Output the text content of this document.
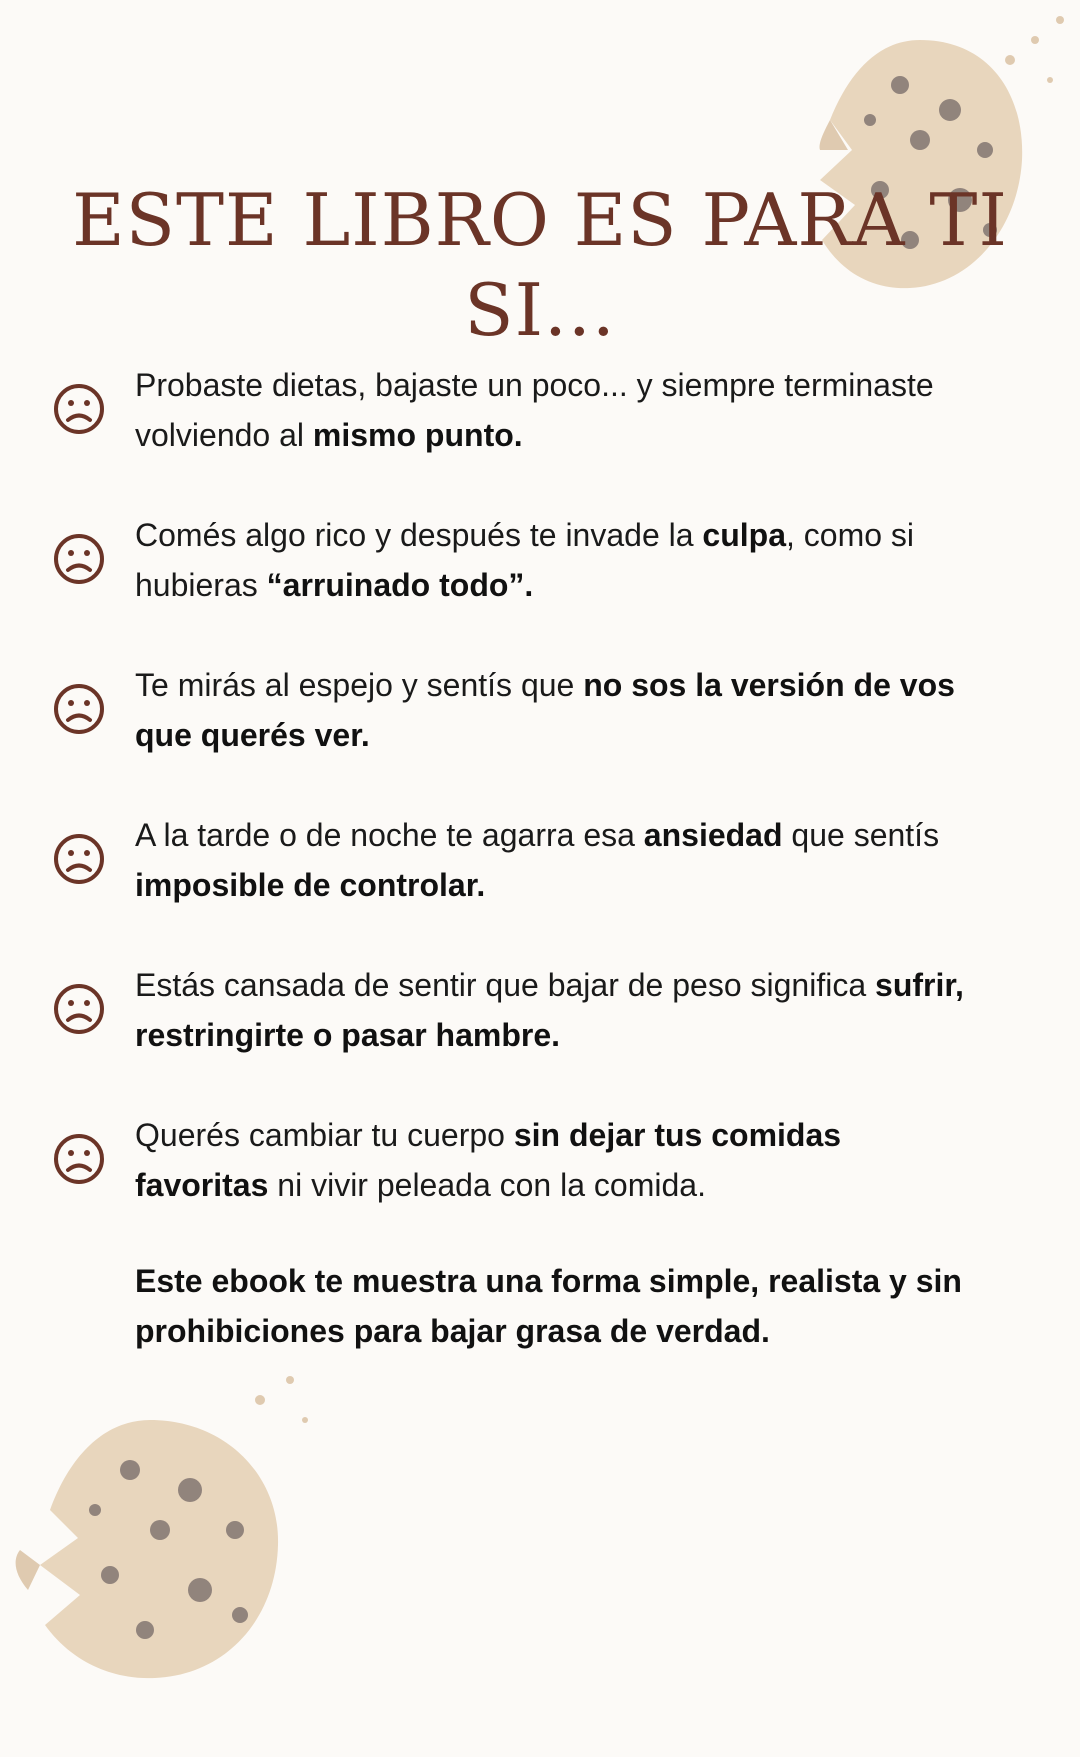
ESTE LIBRO ES PARA TI SI...
Probaste dietas, bajaste un poco... y siempre terminaste volviendo al mismo punto.
Comés algo rico y después te invade la culpa, como si hubieras “arruinado todo”.
Te mirás al espejo y sentís que no sos la versión de vos que querés ver.
A la tarde o de noche te agarra esa ansiedad que sentís imposible de controlar.
Estás cansada de sentir que bajar de peso significa sufrir, restringirte o pasar hambre.
Querés cambiar tu cuerpo sin dejar tus comidas favoritas ni vivir peleada con la comida.
Este ebook te muestra una forma simple, realista y sin prohibiciones para bajar grasa de verdad.
